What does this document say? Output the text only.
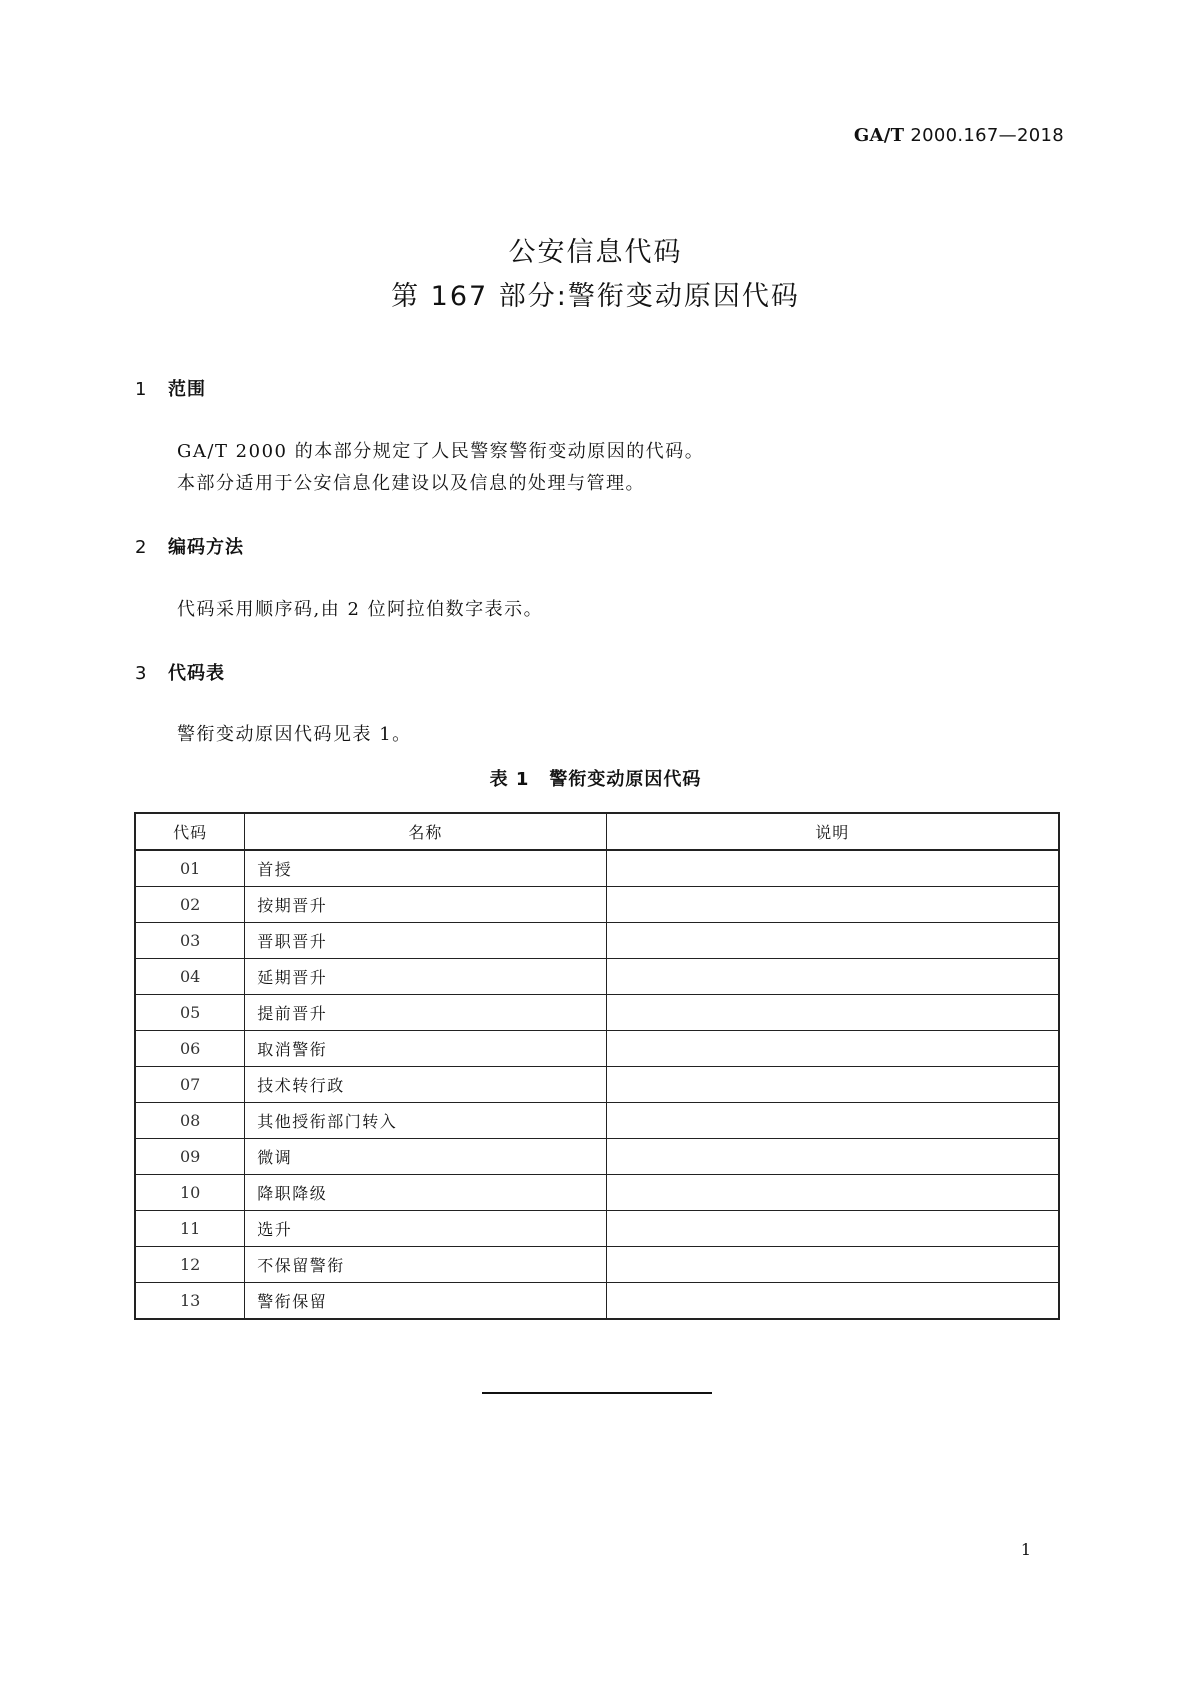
GA/T 2000.167—2018
公安信息代码
第 167 部分:警衔变动原因代码
1 范围
GA/T 2000 的本部分规定了人民警察警衔变动原因的代码。
本部分适用于公安信息化建设以及信息的处理与管理。
2 编码方法
代码采用顺序码,由 2 位阿拉伯数字表示。
3 代码表
警衔变动原因代码见表 1。
表 1 警衔变动原因代码
代码	名称	说明
01	首授	
02	按期晋升	
03	晋职晋升	
04	延期晋升	
05	提前晋升	
06	取消警衔	
07	技术转行政	
08	其他授衔部门转入	
09	微调	
10	降职降级	
11	选升	
12	不保留警衔	
13	警衔保留	
1
